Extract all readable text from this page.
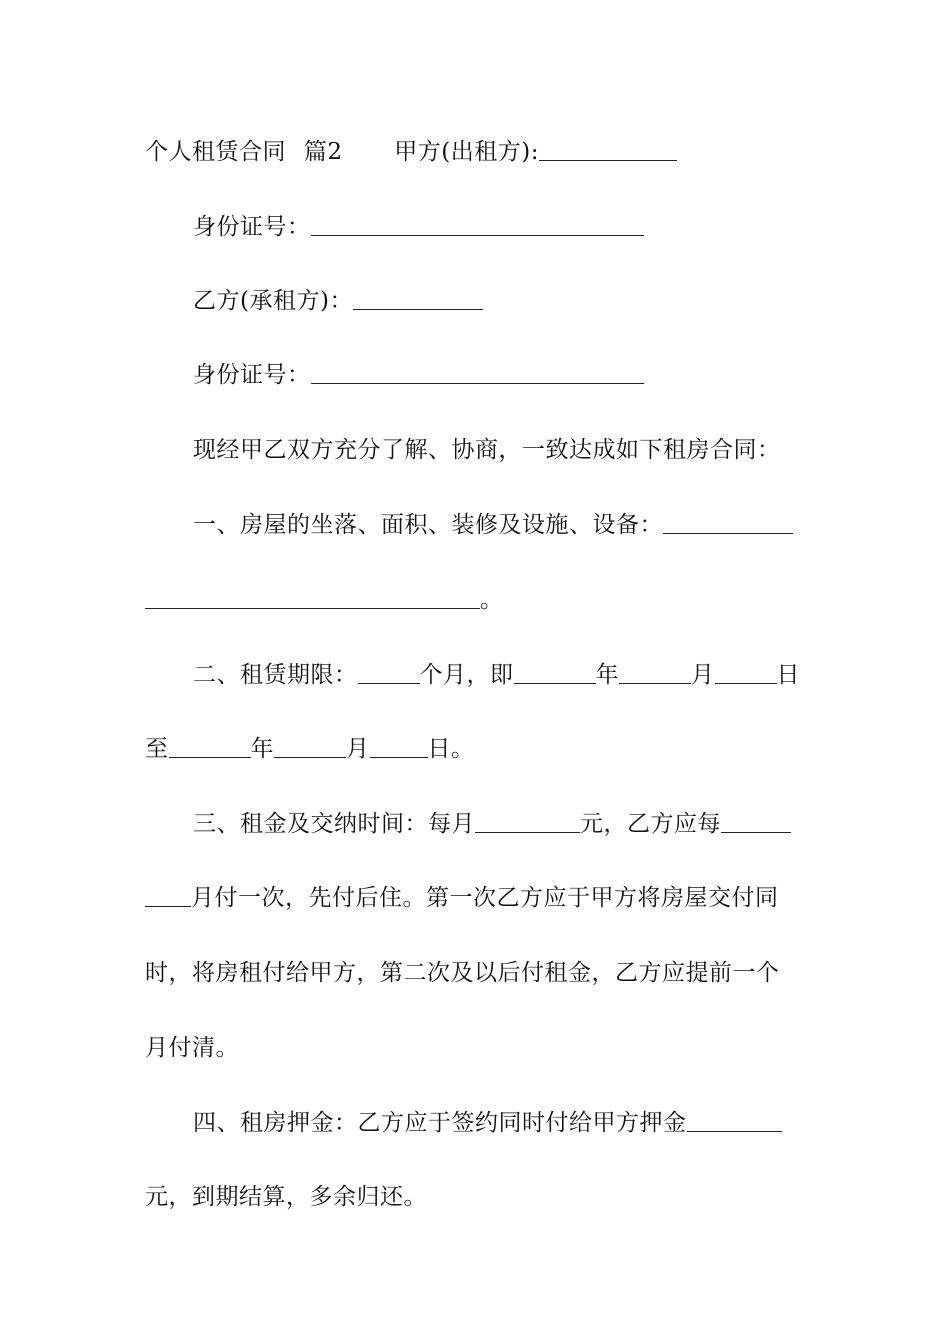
个人租赁合同 篇2 甲方(出租方):
身份证号：
乙方(承租方)：
身份证号：
现经甲乙双方充分了解、协商，一致达成如下租房合同：
一、房屋的坐落、面积、装修及设施、设备：
。
二、租赁期限：	个月，即	年	月	日
至	年	月	日。
三、租金及交纳时间：每月	元，乙方应每
月付一次，先付后住。第一次乙方应于甲方将房屋交付同
时，将房租付给甲方，第二次及以后付租金，乙方应提前一个
月付清。
四、租房押金：乙方应于签约同时付给甲方押金
元，到期结算，多余归还。
